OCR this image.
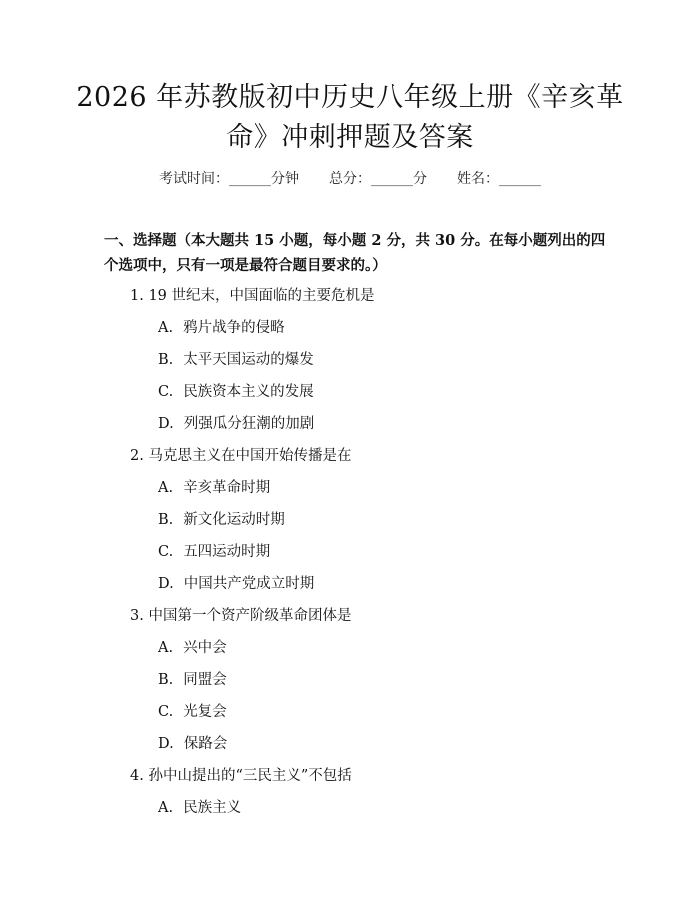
2026 年苏教版初中历史八年级上册《辛亥革
命》冲刺押题及答案
考试时间：______分钟 总分：______分 姓名：______
一、选择题（本大题共 15 小题，每小题 2 分，共 30 分。在每小题列出的四个选项中，只有一项是最符合题目要求的。）
1. 19 世纪末，中国面临的主要危机是
A. 鸦片战争的侵略
B. 太平天国运动的爆发
C. 民族资本主义的发展
D. 列强瓜分狂潮的加剧
2. 马克思主义在中国开始传播是在
A. 辛亥革命时期
B. 新文化运动时期
C. 五四运动时期
D. 中国共产党成立时期
3. 中国第一个资产阶级革命团体是
A. 兴中会
B. 同盟会
C. 光复会
D. 保路会
4. 孙中山提出的“三民主义”不包括
A. 民族主义
